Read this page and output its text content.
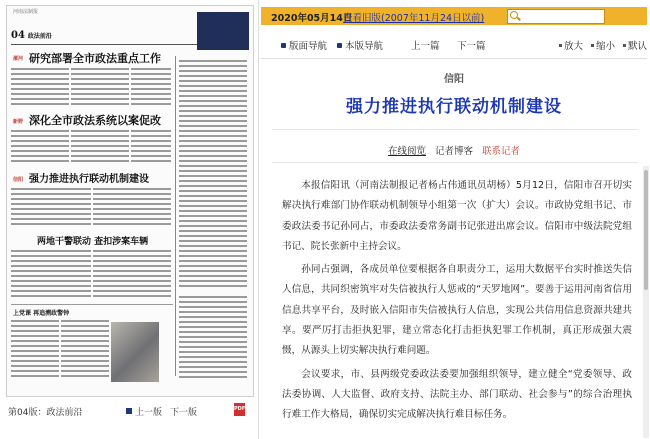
河南法制报
04 政法前沿
漯河 研究部署全市政法重点工作
新野 深化全市政法系统以案促改
信阳 强力推进执行联动机制建设
两地干警联动 查扣涉案车辆
上党课 再追溯政警钟
第04版：政法前沿	上一版 下一版	PDF
2020年05月14日
查看旧版(2007年11月24日以前)
版面导航	本版导航	上一篇 下一篇	放大	缩小	默认
信阳
强力推进执行联动机制建设
在线阅览 记者博客 联系记者

本报信阳讯（河南法制报记者杨占伟通讯员胡杨）5月12日，信阳市召开切实解决执行难部门协作联动机制领导小组第一次（扩大）会议。市政协党组书记、市委政法委书记孙同占，市委政法委常务副书记张进出席会议。信阳市中级法院党组书记、院长张新中主持会议。

孙同占强调，各成员单位要根据各自职责分工，运用大数据平台实时推送失信人信息，共同织密筑牢对失信被执行人惩戒的“天罗地网”。要善于运用河南省信用信息共享平台，及时嵌入信阳市失信被执行人信息，实现公共信用信息资源共建共享。要严厉打击拒执犯罪，建立常态化打击拒执犯罪工作机制，真正形成强大震慑，从源头上切实解决执行难问题。

会议要求，市、县两级党委政法委要加强组织领导，建立健全“党委领导、政法委协调、人大监督、政府支持、法院主办、部门联动、社会参与”的综合治理执行难工作大格局，确保切实完成解决执行难目标任务。
